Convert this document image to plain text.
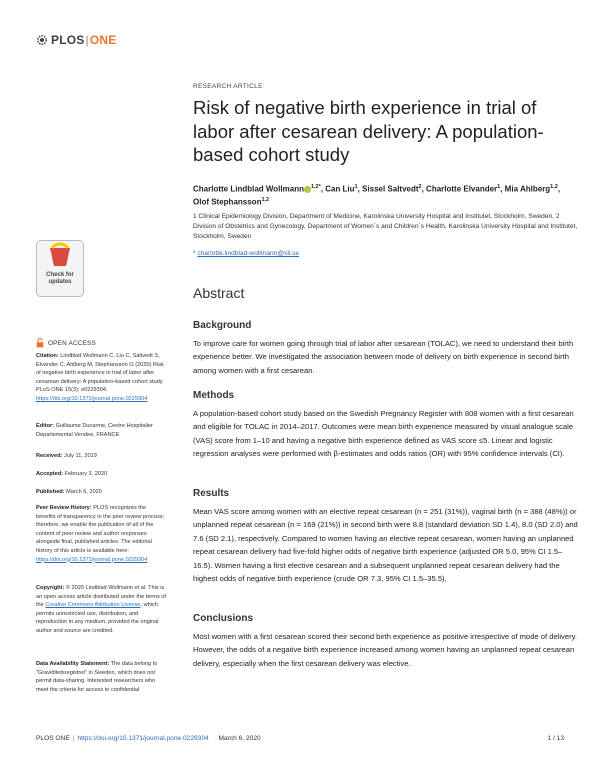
PLOS | ONE
RESEARCH ARTICLE
Risk of negative birth experience in trial of labor after cesarean delivery: A population-based cohort study
Charlotte Lindblad Wollmann $^{1,2*}$, Can Liu$^1$, Sissel Saltvedt$^2$, Charlotte Elvander$^1$, Mia Ahlberg$^{1,2}$, Olof Stephansson$^{1,2}$
1 Clinical Epidemiology Division, Department of Medicine, Karolinska University Hospital and Institutet, Stockholm, Sweden, 2 Division of Obstetrics and Gynecology, Department of Women´s and Children´s Health, Karolinska University Hospital and Institutet, Stockholm, Sweden
* charlotte.lindblad-wollmann@sll.se
Abstract
Background

To improve care for women going through trial of labor after cesarean (TOLAC), we need to understand their birth experience better. We investigated the association between mode of delivery on birth experience in second birth among women with a first cesarean.

Methods

A population-based cohort study based on the Swedish Pregnancy Register with 808 women with a first cesarean and eligible for TOLAC in 2014–2017. Outcomes were mean birth experience measured by visual analogue scale (VAS) score from 1–10 and having a negative birth experience defined as VAS score ≤5. Linear and logistic regression analyses were performed with β-estimates and odds ratios (OR) with 95% confidence intervals (CI).

Results

Mean VAS score among women with an elective repeat cesarean (n = 251 (31%)), vaginal birth (n = 388 (48%)) or unplanned repeat cesarean (n = 169 (21%)) in second birth were 8.8 (standard deviation SD 1.4), 8.0 (SD 2.0) and 7.6 (SD 2.1), respectively. Compared to women having an elective repeat cesarean, women having an unplanned repeat cesarean delivery had five-fold higher odds of negative birth experience (adjusted OR 5.0, 95% CI 1.5–16.5). Women having a first elective cesarean and a subsequent unplanned repeat cesarean delivery had the highest odds of negative birth experience (crude OR 7.3, 95% CI 1.5–35.5).

Conclusions

Most women with a first cesarean scored their second birth experience as positive irrespective of mode of delivery. However, the odds of a negative birth experience increased among women having an unplanned repeat cesarean delivery, especially when the first cesarean delivery was elective.

Check for updates
OPEN ACCESS
Citation: Lindblad Wollmann C, Liu C, Saltvedt S, Elvander C, Ahlberg M, Stephansson O (2020) Risk of negative birth experience in trial of labor after cesarean delivery: A population-based cohort study. PLoS ONE 15(3): e0229304. https://doi.org/10.1371/journal.pone.0229304
Editor: Guillaume Ducarme, Centre Hospitalier Departemental Vendee, FRANCE
Received: July 11, 2019
Accepted: February 3, 2020
Published: March 6, 2020
Peer Review History: PLOS recognizes the benefits of transparency in the peer review process; therefore, we enable the publication of all of the content of peer review and author responses alongside final, published articles. The editorial history of this article is available here: https://doi.org/10.1371/journal.pone.0229304
Copyright: © 2020 Lindblad Wollmann et al. This is an open access article distributed under the terms of the Creative Commons Attribution License, which permits unrestricted use, distribution, and reproduction in any medium, provided the original author and source are credited.
Data Availability Statement: The data belong to "Graviditetsregistret" in Sweden, which does not permit data-sharing. Interested researchers who meet the criteria for access to confidential
PLOS ONE | https://doi.org/10.1371/journal.pone.0229304 March 6, 2020	1 / 13
